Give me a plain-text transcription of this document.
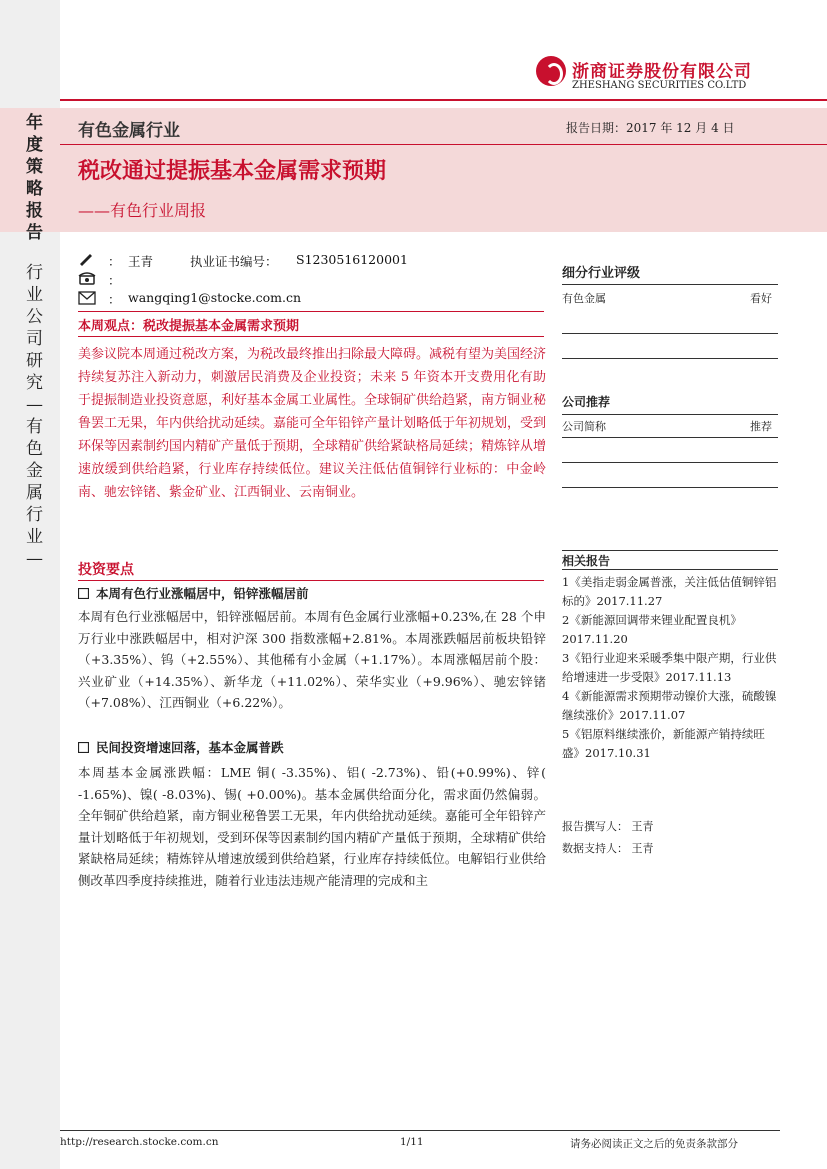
年度策略报告
行业公司研究—有色金属行业—
浙商证券股份有限公司
ZHESHANG SECURITIES CO.LTD
有色金属行业	报告日期：2017 年 12 月 4 日
税改通过提振基本金属需求预期
——有色行业周报
： 王青	执业证书编号： S1230516120001
：
： wangqing1@stocke.com.cn
本周观点：税改提振基本金属需求预期
美参议院本周通过税改方案，为税改最终推出扫除最大障碍。减税有望为美国经济持续复苏注入新动力，刺激居民消费及企业投资；未来 5 年资本开支费用化有助于提振制造业投资意愿，利好基本金属工业属性。全球铜矿供给趋紧，南方铜业秘鲁罢工无果，年内供给扰动延续。嘉能可全年铅锌产量计划略低于年初规划，受到环保等因素制约国内精矿产量低于预期，全球精矿供给紧缺格局延续；精炼锌从增速放缓到供给趋紧，行业库存持续低位。建议关注低估值铜锌行业标的：中金岭南、驰宏锌锗、紫金矿业、江西铜业、云南铜业。
细分行业评级
有色金属	看好
公司推荐
公司简称	推荐
投资要点
本周有色行业涨幅居中，铅锌涨幅居前
本周有色行业涨幅居中，铅锌涨幅居前。本周有色金属行业涨幅+0.23%,在 28 个申万行业中涨跌幅居中，相对沪深 300 指数涨幅+2.81%。本周涨跌幅居前板块铅锌（+3.35%）、钨（+2.55%）、其他稀有小金属（+1.17%）。本周涨幅居前个股：兴业矿业（+14.35%）、新华龙（+11.02%）、荣华实业（+9.96%）、驰宏锌锗（+7.08%）、江西铜业（+6.22%）。
民间投资增速回落，基本金属普跌
本周基本金属涨跌幅：LME 铜( -3.35%)、铝( -2.73%)、铅(+0.99%)、锌( -1.65%)、镍( -8.03%)、锡( +0.00%)。基本金属供给面分化，需求面仍然偏弱。全年铜矿供给趋紧，南方铜业秘鲁罢工无果，年内供给扰动延续。嘉能可全年铅锌产量计划略低于年初规划，受到环保等因素制约国内精矿产量低于预期，全球精矿供给紧缺格局延续；精炼锌从增速放缓到供给趋紧，行业库存持续低位。电解铝行业供给侧改革四季度持续推进，随着行业违法违规产能清理的完成和主
相关报告
1《美指走弱金属普涨，关注低估值铜锌铝标的》2017.11.27
2《新能源回调带来锂业配置良机》2017.11.20
3《铅行业迎来采暖季集中限产期，行业供给增速进一步受限》2017.11.13
4《新能源需求预期带动镍价大涨，硫酸镍继续涨价》2017.11.07
5《铝原料继续涨价，新能源产销持续旺盛》2017.10.31
报告撰写人： 王青
数据支持人： 王青
http://research.stocke.com.cn	1/11	请务必阅读正文之后的免责条款部分
